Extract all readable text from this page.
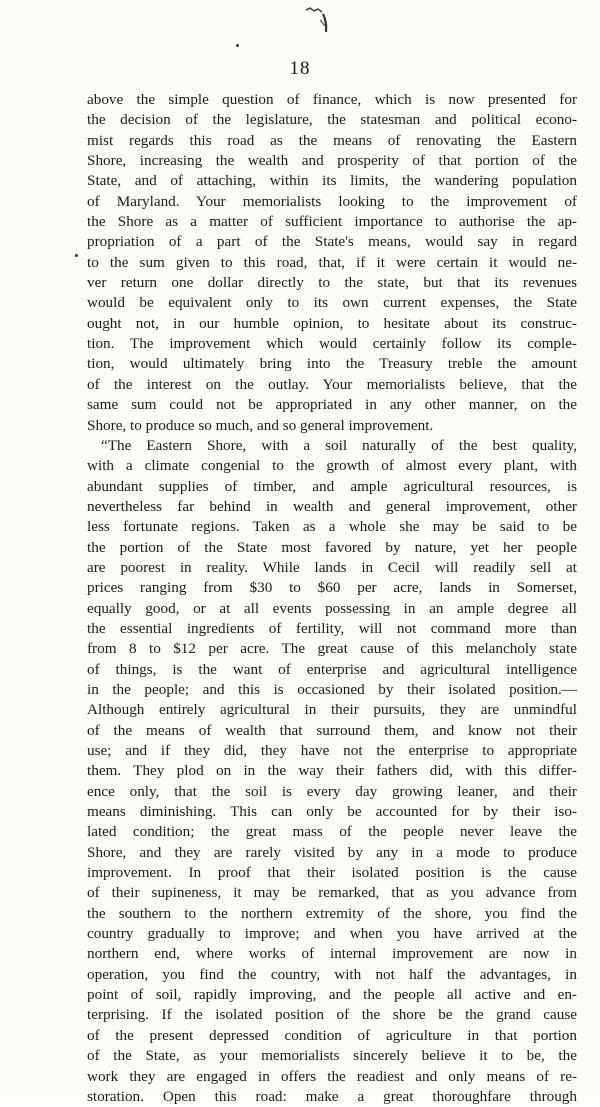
18
above the simple question of finance, which is now presented for
the decision of the legislature, the statesman and political econo-
mist regards this road as the means of renovating the Eastern
Shore, increasing the wealth and prosperity of that portion of the
State, and of attaching, within its limits, the wandering population
of Maryland. Your memorialists looking to the improvement of
the Shore as a matter of sufficient importance to authorise the ap-
propriation of a part of the State's means, would say in regard
to the sum given to this road, that, if it were certain it would ne-
ver return one dollar directly to the state, but that its revenues
would be equivalent only to its own current expenses, the State
ought not, in our humble opinion, to hesitate about its construc-
tion. The improvement which would certainly follow its comple-
tion, would ultimately bring into the Treasury treble the amount
of the interest on the outlay. Your memorialists believe, that the
same sum could not be appropriated in any other manner, on the
Shore, to produce so much, and so general improvement.
“The Eastern Shore, with a soil naturally of the best quality,
with a climate congenial to the growth of almost every plant, with
abundant supplies of timber, and ample agricultural resources, is
nevertheless far behind in wealth and general improvement, other
less fortunate regions. Taken as a whole she may be said to be
the portion of the State most favored by nature, yet her people
are poorest in reality. While lands in Cecil will readily sell at
prices ranging from $30 to $60 per acre, lands in Somerset,
equally good, or at all events possessing in an ample degree all
the essential ingredients of fertility, will not command more than
from 8 to $12 per acre. The great cause of this melancholy state
of things, is the want of enterprise and agricultural intelligence
in the people; and this is occasioned by their isolated position.—
Although entirely agricultural in their pursuits, they are unmindful
of the means of wealth that surround them, and know not their
use; and if they did, they have not the enterprise to appropriate
them. They plod on in the way their fathers did, with this differ-
ence only, that the soil is every day growing leaner, and their
means diminishing. This can only be accounted for by their iso-
lated condition; the great mass of the people never leave the
Shore, and they are rarely visited by any in a mode to produce
improvement. In proof that their isolated position is the cause
of their supineness, it may be remarked, that as you advance from
the southern to the northern extremity of the shore, you find the
country gradually to improve; and when you have arrived at the
northern end, where works of internal improvement are now in
operation, you find the country, with not half the advantages, in
point of soil, rapidly improving, and the people all active and en-
terprising. If the isolated position of the shore be the grand cause
of the present depressed condition of agriculture in that portion
of the State, as your memorialists sincerely believe it to be, the
work they are engaged in offers the readiest and only means of re-
storation. Open this road: make a great thoroughfare through
